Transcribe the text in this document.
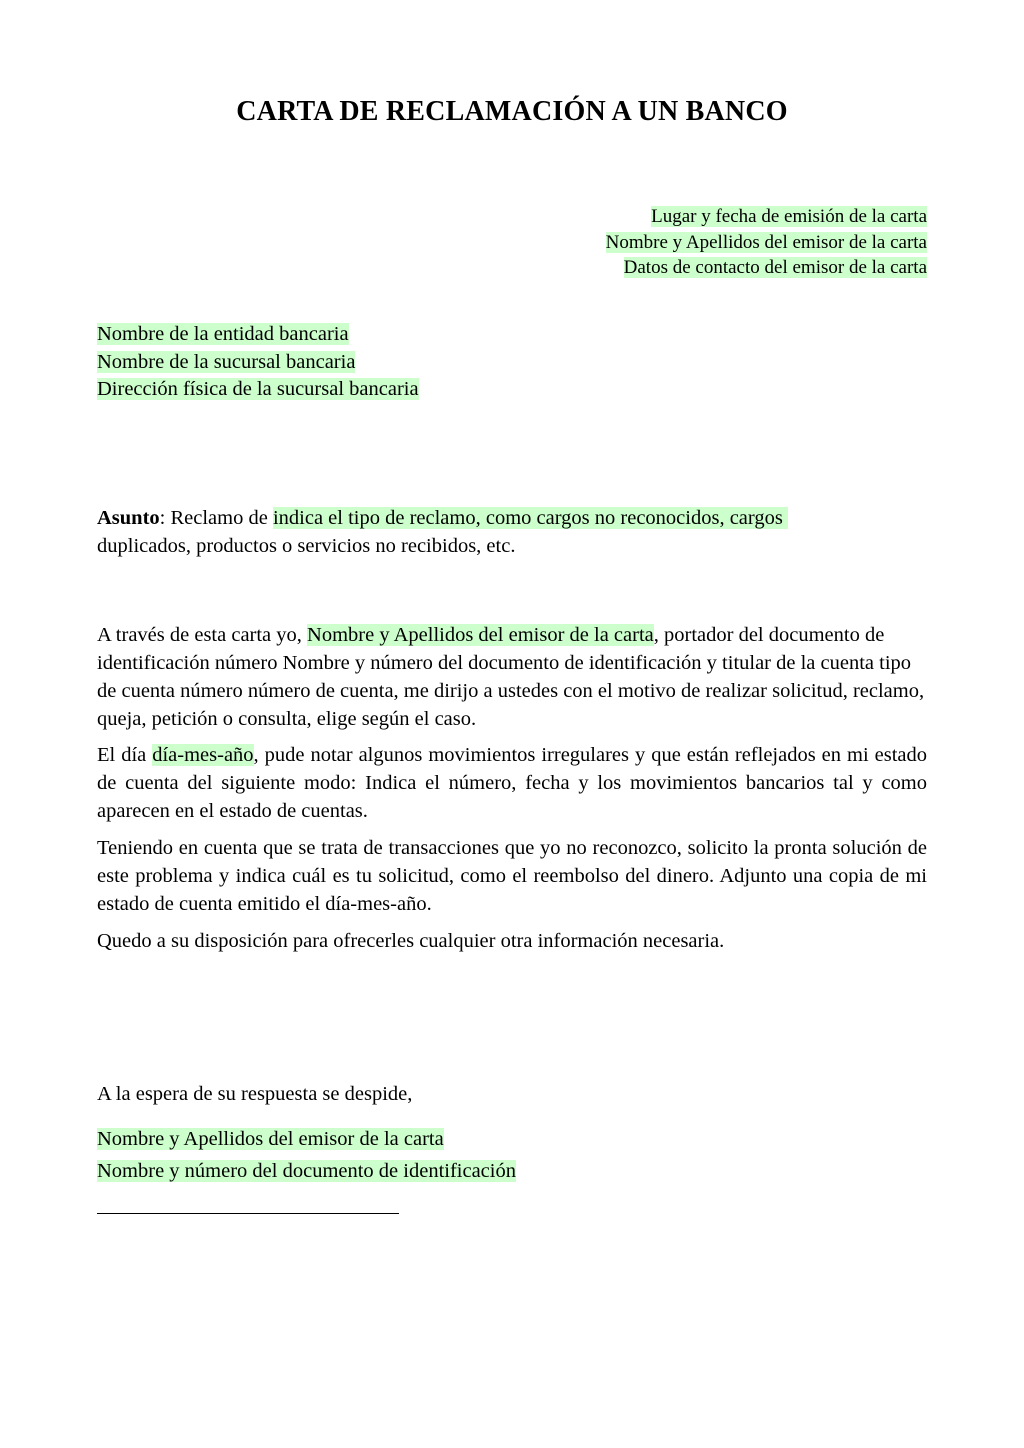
CARTA DE RECLAMACIÓN A UN BANCO
Lugar y fecha de emisión de la carta
Nombre y Apellidos del emisor de la carta
Datos de contacto del emisor de la carta
Nombre de la entidad bancaria
Nombre de la sucursal bancaria
Dirección física de la sucursal bancaria
Asunto: Reclamo de indica el tipo de reclamo, como cargos no reconocidos, cargos
duplicados, productos o servicios no recibidos, etc.
A través de esta carta yo, Nombre y Apellidos del emisor de la carta, portador del documento de identificación número Nombre y número del documento de identificación y titular de la cuenta tipo de cuenta número número de cuenta, me dirijo a ustedes con el motivo de realizar solicitud, reclamo, queja, petición o consulta, elige según el caso.
El día día-mes-año, pude notar algunos movimientos irregulares y que están reflejados en mi estado de cuenta del siguiente modo: Indica el número, fecha y los movimientos bancarios tal y como aparecen en el estado de cuentas.
Teniendo en cuenta que se trata de transacciones que yo no reconozco, solicito la pronta solución de este problema y indica cuál es tu solicitud, como el reembolso del dinero. Adjunto una copia de mi estado de cuenta emitido el día-mes-año.
Quedo a su disposición para ofrecerles cualquier otra información necesaria.
A la espera de su respuesta se despide,
Nombre y Apellidos del emisor de la carta
Nombre y número del documento de identificación
